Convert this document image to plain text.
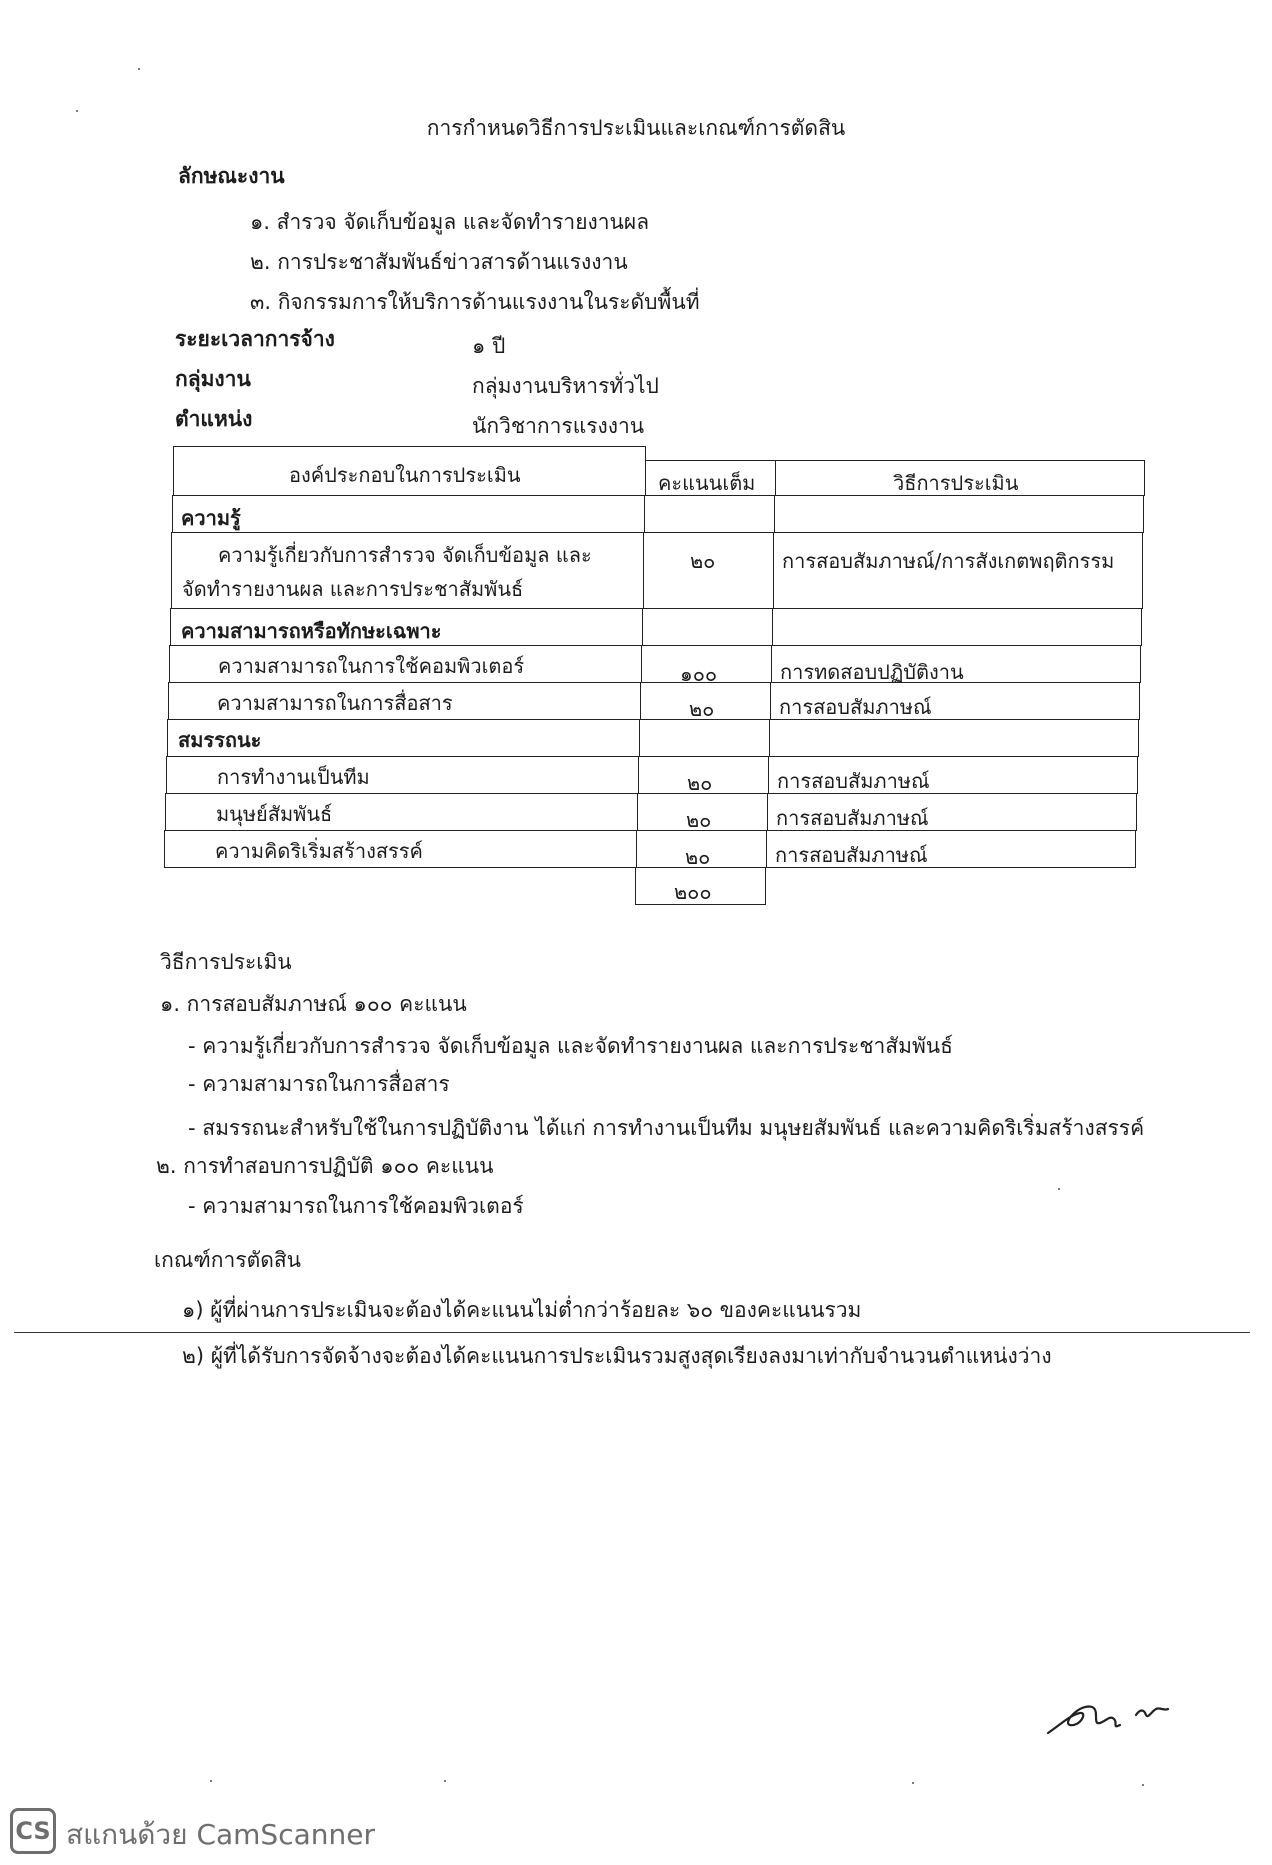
การกำหนดวิธีการประเมินและเกณฑ์การตัดสิน
ลักษณะงาน
๑. สำรวจ จัดเก็บข้อมูล และจัดทำรายงานผล
๒. การประชาสัมพันธ์ข่าวสารด้านแรงงาน
๓. กิจกรรมการให้บริการด้านแรงงานในระดับพื้นที่
ระยะเวลาการจ้าง	๑ ปี
กลุ่มงาน	กลุ่มงานบริหารทั่วไป
ตำแหน่ง	นักวิชาการแรงงาน
องค์ประกอบในการประเมิน	คะแนนเต็ม	วิธีการประเมิน
ความรู้
ความรู้เกี่ยวกับการสำรวจ จัดเก็บข้อมูล และ
จัดทำรายงานผล และการประชาสัมพันธ์
๒๐	การสอบสัมภาษณ์/การสังเกตพฤติกรรม
ความสามารถหรือทักษะเฉพาะ
ความสามารถในการใช้คอมพิวเตอร์	๑๐๐	การทดสอบปฏิบัติงาน
ความสามารถในการสื่อสาร	๒๐	การสอบสัมภาษณ์
สมรรถนะ
การทำงานเป็นทีม	๒๐	การสอบสัมภาษณ์
มนุษย์สัมพันธ์	๒๐	การสอบสัมภาษณ์
ความคิดริเริ่มสร้างสรรค์	๒๐	การสอบสัมภาษณ์
๒๐๐
วิธีการประเมิน
๑. การสอบสัมภาษณ์ ๑๐๐ คะแนน
- ความรู้เกี่ยวกับการสำรวจ จัดเก็บข้อมูล และจัดทำรายงานผล และการประชาสัมพันธ์
- ความสามารถในการสื่อสาร
- สมรรถนะสำหรับใช้ในการปฏิบัติงาน ได้แก่ การทำงานเป็นทีม มนุษยสัมพันธ์ และความคิดริเริ่มสร้างสรรค์
๒. การทำสอบการปฏิบัติ ๑๐๐ คะแนน
- ความสามารถในการใช้คอมพิวเตอร์
เกณฑ์การตัดสิน
๑) ผู้ที่ผ่านการประเมินจะต้องได้คะแนนไม่ต่ำกว่าร้อยละ ๖๐ ของคะแนนรวม
๒) ผู้ที่ได้รับการจัดจ้างจะต้องได้คะแนนการประเมินรวมสูงสุดเรียงลงมาเท่ากับจำนวนตำแหน่งว่าง
CS สแกนด้วย CamScanner
